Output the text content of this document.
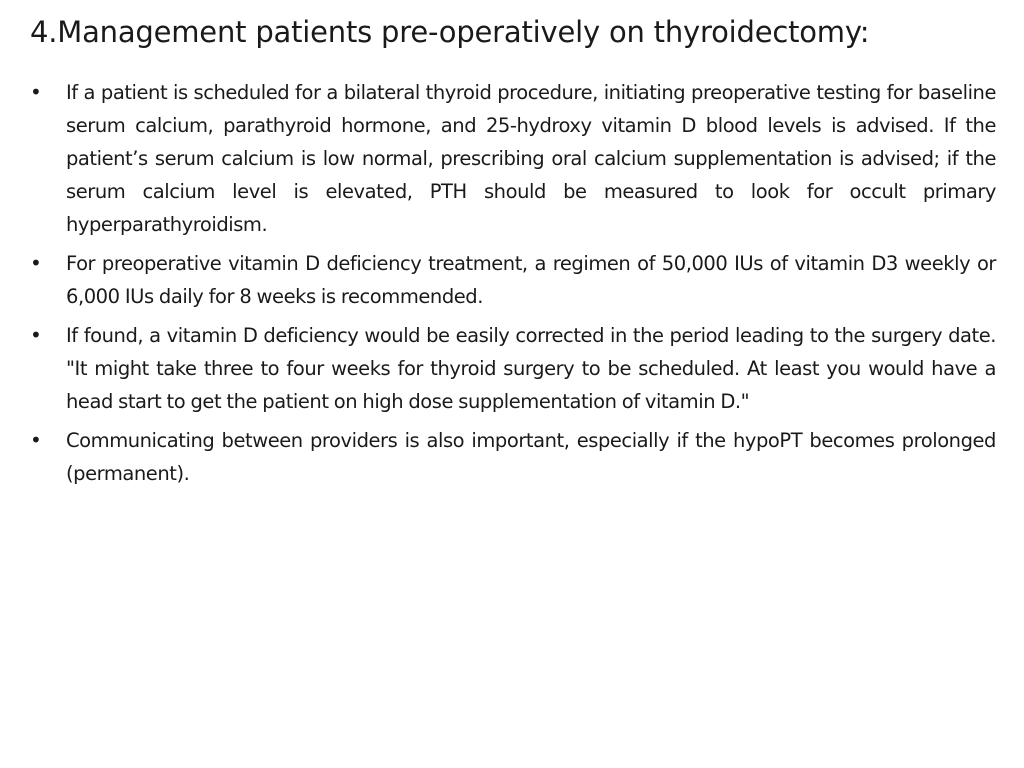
4.Management patients pre-operatively on thyroidectomy:
•	If a patient is scheduled for a bilateral thyroid procedure, initiating preoperative testing for baseline serum calcium, parathyroid hormone, and 25-hydroxy vitamin D blood levels is advised. If the patient’s serum calcium is low normal, prescribing oral calcium supplementation is advised; if the serum calcium level is elevated, PTH should be measured to look for occult primary hyperparathyroidism.
•	For preoperative vitamin D deficiency treatment, a regimen of 50,000 IUs of vitamin D3 weekly or 6,000 IUs daily for 8 weeks is recommended.
•	If found, a vitamin D deficiency would be easily corrected in the period leading to the surgery date. "It might take three to four weeks for thyroid surgery to be scheduled. At least you would have a head start to get the patient on high dose supplementation of vitamin D."
•	Communicating between providers is also important, especially if the hypoPT becomes prolonged (permanent).
